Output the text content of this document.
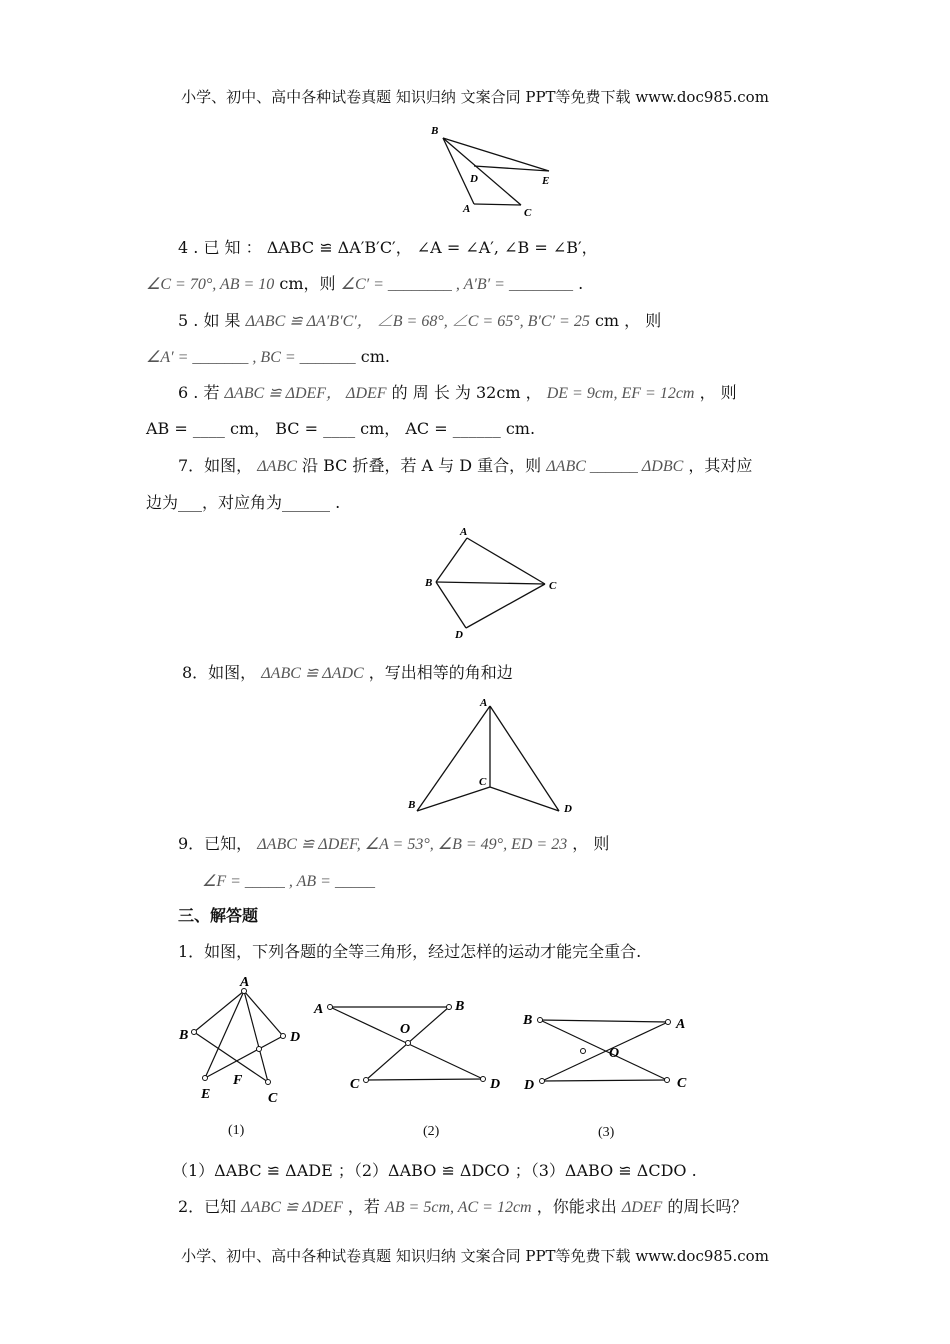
小学、初中、高中各种试卷真题 知识归纳 文案合同 PPT等免费下载 www.doc985.com
B
D	E
A	C
4 . 已 知 ： ΔABC ≌ ΔA′B′C′， ∠A = ∠A′, ∠B = ∠B′，
∠C = 70°, AB = 10 cm，则 ∠C′ = ________ , A′B′ = ________ .
5 . 如 果 ΔABC ≌ ΔA′B′C′， ∠B = 68°, ∠C = 65°, B′C′ = 25 cm ， 则
∠A′ = _______ , BC = _______ cm.
6 . 若 ΔABC ≌ ΔDEF， ΔDEF 的 周 长 为 32cm ， DE = 9cm, EF = 12cm ， 则
AB = ____ cm， BC = ____ cm， AC = ______ cm.
7．如图， ΔABC 沿 BC 折叠，若 A 与 D 重合，则 ΔABC ______ ΔDBC ，其对应
边为___，对应角为______ .
A
B	C
D
8．如图， ΔABC ≌ ΔADC ，写出相等的角和边
A
B
C
D
9．已知， ΔABC ≌ ΔDEF, ∠A = 53°, ∠B = 49°, ED = 23 ， 则
∠F = _____ , AB = _____
三、解答题
1．如图，下列各题的全等三角形，经过怎样的运动才能完全重合.
A
B	D
E
F
C
A	B
O
C	D
B	A
O
D	C
(1)	(2)	(3)
（1）ΔABC ≌ ΔADE ；（2）ΔABO ≌ ΔDCO ；（3）ΔABO ≌ ΔCDO .
2．已知 ΔABC ≌ ΔDEF ，若 AB = 5cm, AC = 12cm ，你能求出 ΔDEF 的周长吗？
小学、初中、高中各种试卷真题 知识归纳 文案合同 PPT等免费下载 www.doc985.com
